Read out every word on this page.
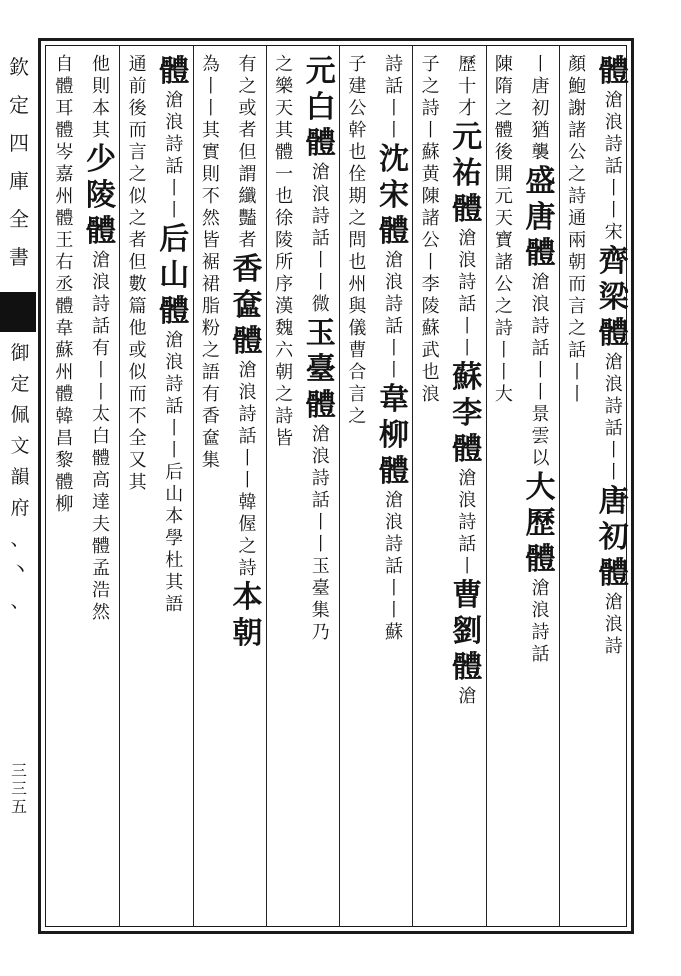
欽
定
四
庫
全
書
御
定
佩
文
韻
府
、
丶
、
三三五
體
滄
浪
詩
話
丨
丨
宋
齊
梁
體
滄
浪
詩
話
丨
丨
唐
初
體
滄
浪
詩
顏
鮑
謝
諸
公
之
詩
通
兩
朝
而
言
之
話
丨
丨
丨
唐
初
猶
襲
盛
唐
體
滄
浪
詩
話
丨
丨
景
雲
以
大
歷
體
滄
浪
詩
話
陳
隋
之
體
後
開
元
天
寶
諸
公
之
詩
丨
丨
大
歷
十
才
元
祐
體
滄
浪
詩
話
丨
丨
蘇
李
體
滄
浪
詩
話
丨
曹
劉
體
滄
子
之
詩
丨
蘇
黄
陳
諸
公
丨
李
陵
蘇
武
也
浪
詩
話
丨
丨
沈
宋
體
滄
浪
詩
話
丨
丨
韋
柳
體
滄
浪
詩
話
丨
丨
蘇
子
建
公
幹
也
佺
期
之
問
也
州
與
儀
曹
合
言
之
元
白
體
滄
浪
詩
話
丨
丨
微
玉
臺
體
滄
浪
詩
話
丨
丨
玉
臺
集
乃
之
樂
天
其
體
一
也
徐
陵
所
序
漢
魏
六
朝
之
詩
皆
有
之
或
者
但
謂
纖
豔
者
香
奩
體
滄
浪
詩
話
丨
丨
韓
偓
之
詩
本
朝
為
丨
丨
其
實
則
不
然
皆
裾
裙
脂
粉
之
語
有
香
奩
集
體
滄
浪
詩
話
丨
丨
后
山
體
滄
浪
詩
話
丨
丨
后
山
本
學
杜
其
語
通
前
後
而
言
之
似
之
者
但
數
篇
他
或
似
而
不
全
又
其
他
則
本
其
少
陵
體
滄
浪
詩
話
有
丨
丨
太
白
體
高
達
夫
體
孟
浩
然
自
體
耳
體
岑
嘉
州
體
王
右
丞
體
韋
蘇
州
體
韓
昌
黎
體
柳
